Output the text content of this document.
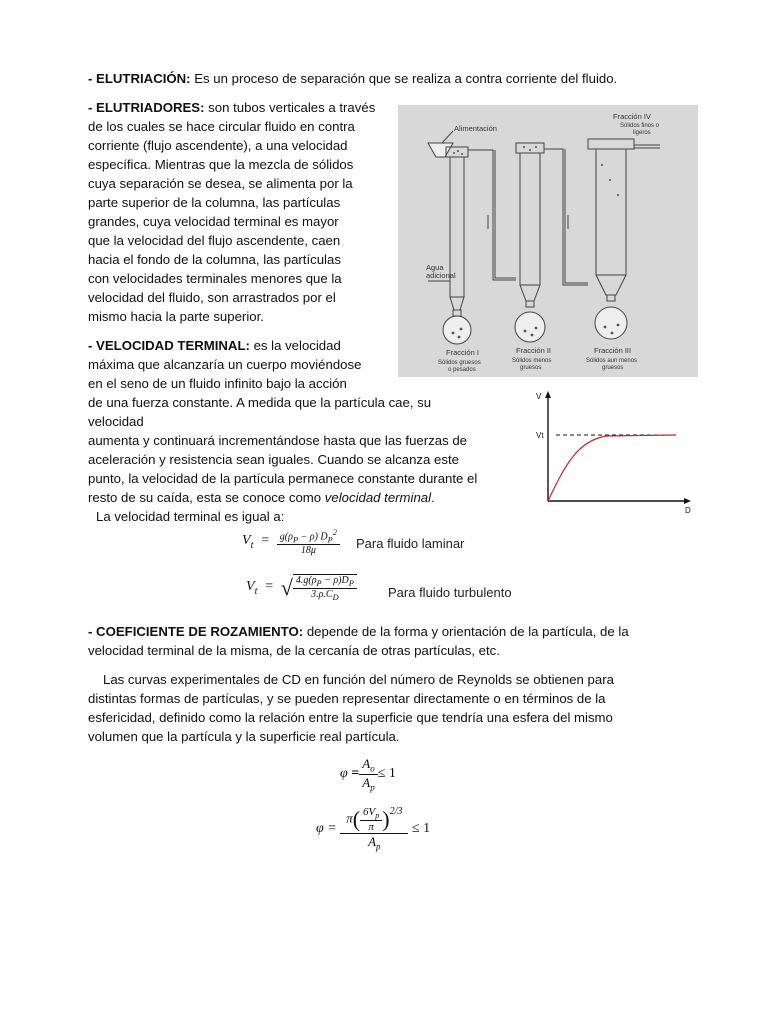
- ELUTRIACIÓN: Es un proceso de separación que se realiza a contra corriente del fluido.

- ELUTRIADORES: son tubos verticales a través
de los cuales se hace circular fluido en contra
corriente (flujo ascendente), a una velocidad
específica. Mientras que la mezcla de sólidos
cuya separación se desea, se alimenta por la
parte superior de la columna, las partículas
grandes, cuya velocidad terminal es mayor
que la velocidad del flujo ascendente, caen
hacia el fondo de la columna, las partículas
con velocidades terminales menores que la
velocidad del fluido, son arrastrados por el
mismo hacia la parte superior.
Alimentación
Agua
adicional
Fracción I
Sólidos gruesos
o pesados
Fracción II
Sólidos menos
gruesos
Fracción III
Sólidos aun menos
gruesos
Fracción IV
Sólidos finos o
ligeros
- VELOCIDAD TERMINAL: es la velocidad
máxima que alcanzaría un cuerpo moviéndose
en el seno de un fluido infinito bajo la acción
de una fuerza constante. A medida que la partícula cae, su
velocidad
aumenta y continuará incrementándose hasta que las fuerzas de
aceleración y resistencia sean iguales. Cuando se alcanza este
punto, la velocidad de la partícula permanece constante durante el
resto de su caída, esta se conoce como velocidad terminal.
La velocidad terminal es igual a:
V
D
Vt
$V_t = \frac{g(\rho_P - \rho) D_P^2}{18\mu}$ Para fluido laminar
$V_t$  =  √ $\frac{4.g(\rho_P - \rho)D_P}{3.\rho.C_D}$ Para fluido turbulento
- COEFICIENTE DE ROZAMIENTO: depende de la forma y orientación de la partícula, de la
velocidad terminal de la misma, de la cercanía de otras partículas, etc.
Las curvas experimentales de CD en función del número de Reynolds se obtienen para
distintas formas de partículas, y se pueden representar directamente o en términos de la
esfericidad, definido como la relación entre la superficie que tendría una esfera del mismo
volumen que la partícula y la superficie real partícula.
$\varphi = \frac{A_o}{A_p} \le 1$
$\varphi = \frac{\pi( \frac{6V_p}{\pi} )^{2/3}}{A_p} \le 1$
